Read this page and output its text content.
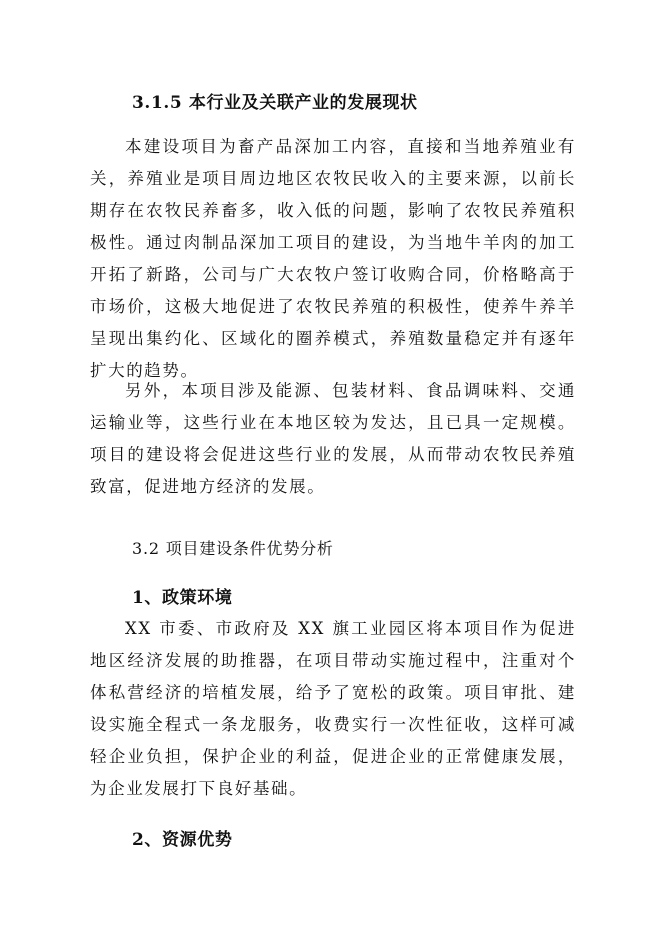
3.1.5 本行业及关联产业的发展现状

本建设项目为畜产品深加工内容，直接和当地养殖业有关，养殖业是项目周边地区农牧民收入的主要来源，以前长期存在农牧民养畜多，收入低的问题，影响了农牧民养殖积极性。通过肉制品深加工项目的建设，为当地牛羊肉的加工开拓了新路，公司与广大农牧户签订收购合同，价格略高于市场价，这极大地促进了农牧民养殖的积极性，使养牛养羊呈现出集约化、区域化的圈养模式，养殖数量稳定并有逐年扩大的趋势。

另外，本项目涉及能源、包装材料、食品调味料、交通运输业等，这些行业在本地区较为发达，且已具一定规模。项目的建设将会促进这些行业的发展，从而带动农牧民养殖致富，促进地方经济的发展。

3.2 项目建设条件优势分析
1、政策环境

XX 市委、市政府及 XX 旗工业园区将本项目作为促进地区经济发展的助推器，在项目带动实施过程中，注重对个体私营经济的培植发展，给予了宽松的政策。项目审批、建设实施全程式一条龙服务，收费实行一次性征收，这样可减轻企业负担，保护企业的利益，促进企业的正常健康发展，为企业发展打下良好基础。

2、资源优势
